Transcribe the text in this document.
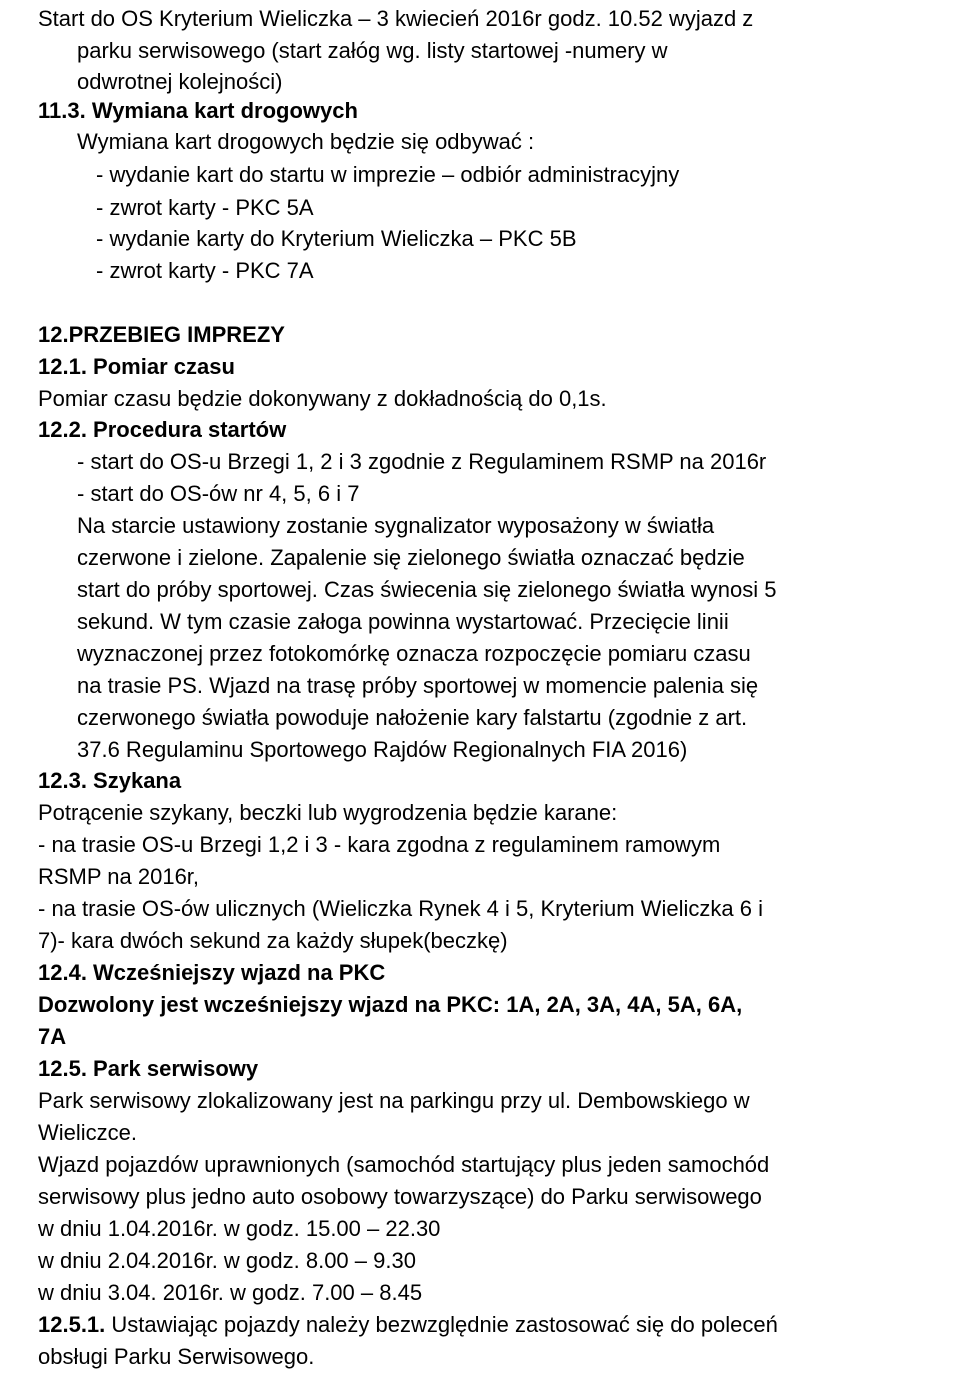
Start do OS Kryterium Wieliczka – 3 kwiecień 2016r godz. 10.52 wyjazd z
parku serwisowego (start załóg wg. listy startowej -numery w
odwrotnej kolejności)
11.3. Wymiana kart drogowych
Wymiana kart drogowych będzie się odbywać :
- wydanie kart do startu w imprezie – odbiór administracyjny
- zwrot karty - PKC 5A
- wydanie karty do Kryterium Wieliczka – PKC 5B
- zwrot karty - PKC 7A
12.PRZEBIEG IMPREZY
12.1. Pomiar czasu
Pomiar czasu będzie dokonywany z dokładnością do 0,1s.
12.2. Procedura startów
- start do OS-u Brzegi 1, 2 i 3 zgodnie z Regulaminem RSMP na 2016r
- start do OS-ów nr 4, 5, 6 i 7
Na starcie ustawiony zostanie sygnalizator wyposażony w światła
czerwone i zielone. Zapalenie się zielonego światła oznaczać będzie
start do próby sportowej. Czas świecenia się zielonego światła wynosi 5
sekund. W tym czasie załoga powinna wystartować. Przecięcie linii
wyznaczonej przez fotokomórkę oznacza rozpoczęcie pomiaru czasu
na trasie PS. Wjazd na trasę próby sportowej w momencie palenia się
czerwonego światła powoduje nałożenie kary falstartu (zgodnie z art.
37.6 Regulaminu Sportowego Rajdów Regionalnych FIA 2016)
12.3. Szykana
Potrącenie szykany, beczki lub wygrodzenia będzie karane:
- na trasie OS-u Brzegi 1,2 i 3 - kara zgodna z regulaminem ramowym
RSMP na 2016r,
- na trasie OS-ów ulicznych (Wieliczka Rynek 4 i 5, Kryterium Wieliczka 6 i
7)- kara dwóch sekund za każdy słupek(beczkę)
12.4. Wcześniejszy wjazd na PKC
Dozwolony jest wcześniejszy wjazd na PKC: 1A, 2A, 3A, 4A, 5A, 6A,
7A
12.5. Park serwisowy
Park serwisowy zlokalizowany jest na parkingu przy ul. Dembowskiego w
Wieliczce.
Wjazd pojazdów uprawnionych (samochód startujący plus jeden samochód
serwisowy plus jedno auto osobowy towarzyszące) do Parku serwisowego
w dniu 1.04.2016r. w godz. 15.00 – 22.30
w dniu 2.04.2016r. w godz. 8.00 – 9.30
w dniu 3.04. 2016r. w godz. 7.00 – 8.45
12.5.1. Ustawiając pojazdy należy bezwzględnie zastosować się do poleceń
obsługi Parku Serwisowego.
